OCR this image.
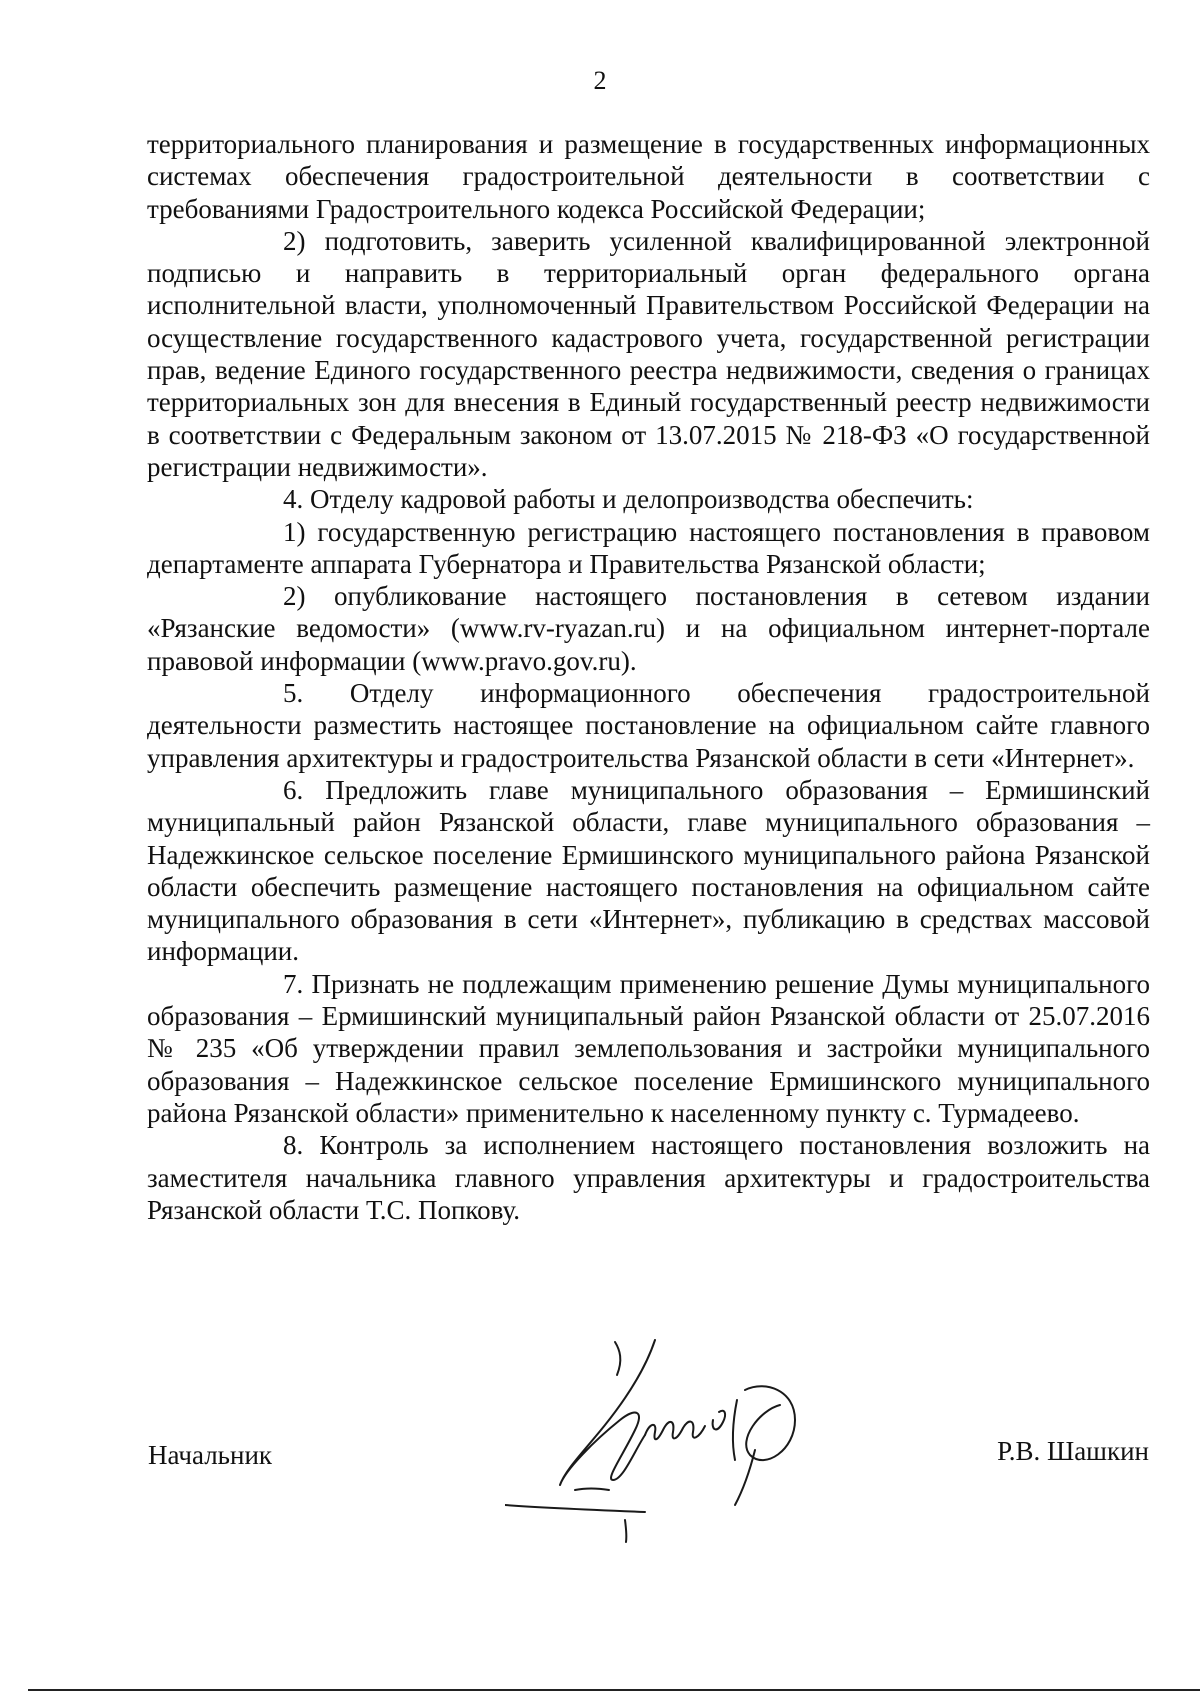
2

территориального планирования и размещение в государственных информационных системах обеспечения градостроительной деятельности в соответствии с требованиями Градостроительного кодекса Российской Федерации;

2) подготовить, заверить усиленной квалифицированной электронной подписью и направить в территориальный орган федерального органа исполнительной власти, уполномоченный Правительством Российской Федерации на осуществление государственного кадастрового учета, государственной регистрации прав, ведение Единого государственного реестра недвижимости, сведения о границах территориальных зон для внесения в Единый государственный реестр недвижимости в соответствии с Федеральным законом от 13.07.2015 № 218-ФЗ «О государственной регистрации недвижимости».

4. Отделу кадровой работы и делопроизводства обеспечить:

1) государственную регистрацию настоящего постановления в правовом департаменте аппарата Губернатора и Правительства Рязанской области;

2) опубликование настоящего постановления в сетевом издании «Рязанские ведомости» (www.rv-ryazan.ru) и на официальном интернет-портале правовой информации (www.pravo.gov.ru).

5. Отделу информационного обеспечения градостроительной деятельности разместить настоящее постановление на официальном сайте главного управления архитектуры и градостроительства Рязанской области в сети «Интернет».

6. Предложить главе муниципального образования – Ермишинский муниципальный район Рязанской области, главе муниципального образования – Надежкинское сельское поселение Ермишинского муниципального района Рязанской области обеспечить размещение настоящего постановления на официальном сайте муниципального образования в сети «Интернет», публикацию в средствах массовой информации.

7. Признать не подлежащим применению решение Думы муниципального образования – Ермишинский муниципальный район Рязанской области от 25.07.2016 № 235 «Об утверждении правил землепользования и застройки муниципального образования – Надежкинское сельское поселение Ермишинского муниципального района Рязанской области» применительно к населенному пункту с. Турмадеево.

8. Контроль за исполнением настоящего постановления возложить на заместителя начальника главного управления архитектуры и градостроительства Рязанской области Т.С. Попкову.

Начальник	Р.В. Шашкин
